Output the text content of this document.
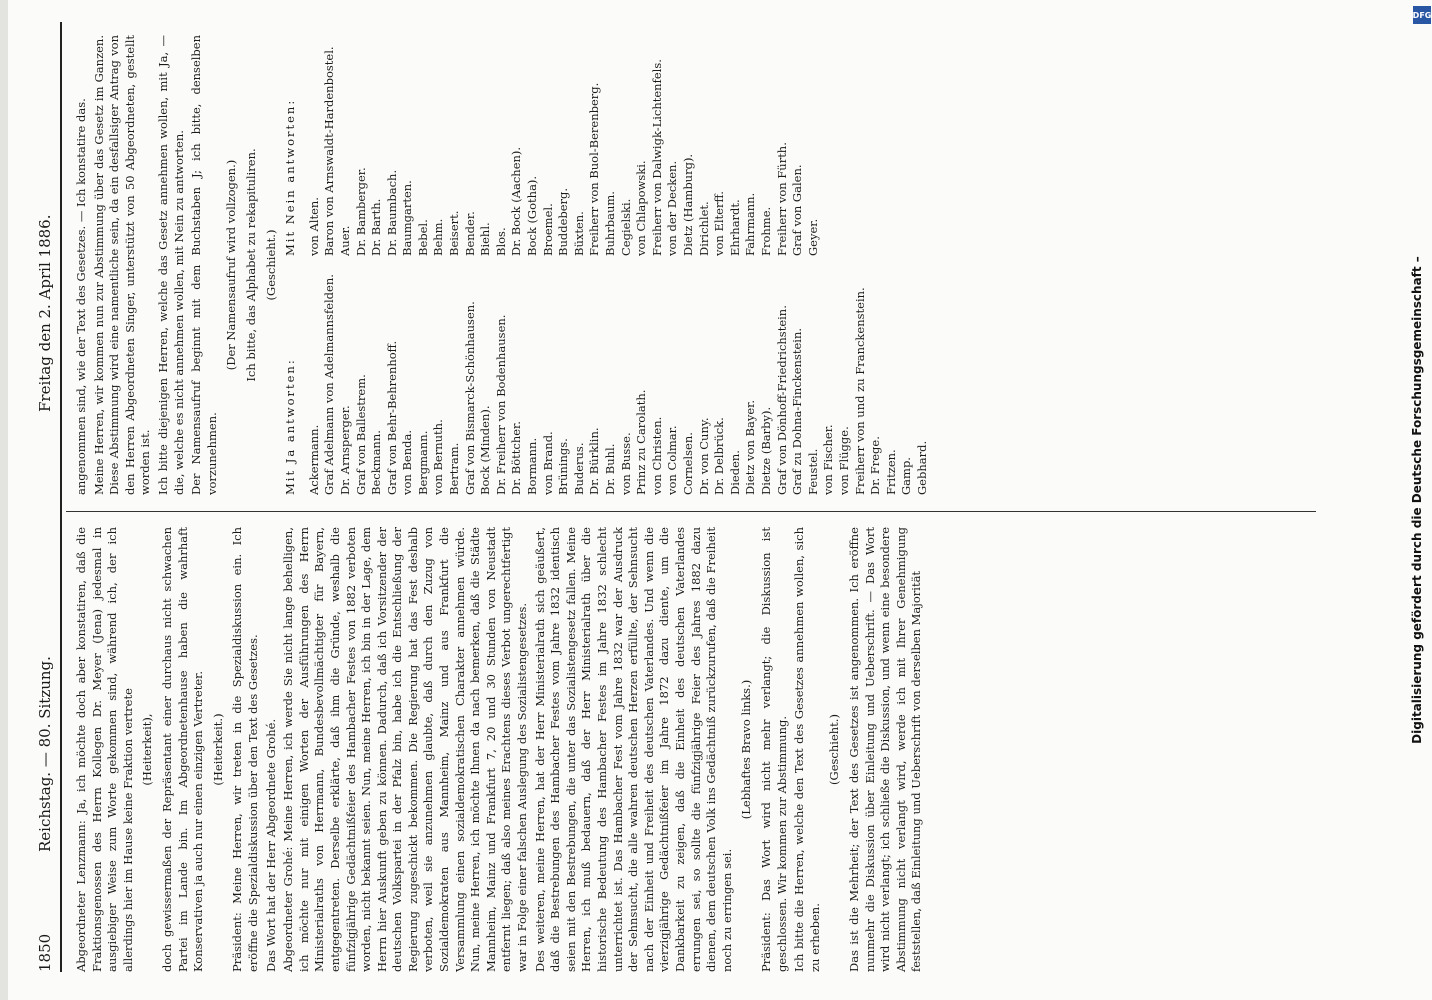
1850
Reichstag. — 80. Sitzung.
Freitag den 2. April 1886.

Abgeordneter Lenzmann: Ja, ich möchte doch aber konstatiren, daß die Fraktionsgenossen des Herrn Kollegen Dr. Meyer (Jena) jedesmal in ausgiebiger Weise zum Worte gekommen sind, während ich, der ich allerdings hier im Hause keine Fraktion vertrete (Heiterkeit), doch gewissermaßen der Repräsentant einer durchaus nicht schwachen Partei im Lande bin. Im Abgeordnetenhause haben die wahrhaft Konservativen ja auch nur einen einzigen Vertreter. (Heiterkeit.) Präsident: Meine Herren, wir treten in die Spezialdiskussion ein. Ich eröffne die Spezialdiskussion über den Text des Gesetzes. Das Wort hat der Herr Abgeordnete Grohé. Abgeordneter Grohé: Meine Herren, ich werde Sie nicht lange behelligen, ich möchte nur mit einigen Worten der Ausführungen des Herrn Ministerialraths von Herrmann, Bundesbevollmächtigter für Bayern, entgegentreten. Derselbe erklärte, daß ihm die Gründe, weshalb die fünfzigjährige Gedächtnißfeier des Hambacher Festes von 1882 verboten worden, nicht bekannt seien. Nun, meine Herren, ich bin in der Lage, dem Herrn hier Auskunft geben zu können. Dadurch, daß ich Vorsitzender der deutschen Volkspartei in der Pfalz bin, habe ich die Entschließung der Regierung zugeschickt bekommen. Die Regierung hat das Fest deshalb verboten, weil sie anzunehmen glaubte, daß durch den Zuzug von Sozialdemokraten aus Mannheim, Mainz und aus Frankfurt die Versammlung einen sozialdemokratischen Charakter annehmen würde. Nun, meine Herren, ich möchte Ihnen da nach bemerken, daß die Städte Mannheim, Mainz und Frankfurt 7, 20 und 30 Stunden von Neustadt entfernt liegen; daß also meines Erachtens dieses Verbot ungerechtfertigt war in Folge einer falschen Auslegung des Sozialistengesetzes. Des weiteren, meine Herren, hat der Herr Ministerialrath sich geäußert, daß die Bestrebungen des Hambacher Festes vom Jahre 1832 identisch seien mit den Bestrebungen, die unter das Sozialistengesetz fallen. Meine Herren, ich muß bedauern, daß der Herr Ministerialrath über die historische Bedeutung des Hambacher Festes im Jahre 1832 schlecht unterrichtet ist. Das Hambacher Fest vom Jahre 1832 war der Ausdruck der Sehnsucht, die alle wahren deutschen Herzen erfüllte, der Sehnsucht nach der Einheit und Freiheit des deutschen Vaterlandes. Und wenn die vierzigjährige Gedächtnißfeier im Jahre 1872 dazu diente, um die Dankbarkeit zu zeigen, daß die Einheit des deutschen Vaterlandes errungen sei, so sollte die fünfzigjährige Feier des Jahres 1882 dazu dienen, dem deutschen Volk ins Gedächtniß zurückzurufen, daß die Freiheit noch zu erringen sei.

(Lebhaftes Bravo links.) Präsident: Das Wort wird nicht mehr verlangt; die Diskussion ist geschlossen. Wir kommen zur Abstimmung. Ich bitte die Herren, welche den Text des Gesetzes annehmen wollen, sich zu erheben.

(Geschieht.) Das ist die Mehrheit; der Text des Gesetzes ist angenommen. Ich eröffne nunmehr die Diskussion über Einleitung und Ueberschrift. — Das Wort wird nicht verlangt; ich schließe die Diskussion, und wenn eine besondere Abstimmung nicht verlangt wird, werde ich mit Ihrer Genehmigung feststellen, daß Einleitung und Ueberschrift von derselben Majorität

angenommen sind, wie der Text des Gesetzes. — Ich konstatire das. Meine Herren, wir kommen nun zur Abstimmung über das Gesetz im Ganzen. Diese Abstimmung wird eine namentliche sein, da ein desfallsiger Antrag von den Herren Abgeordneten Singer, unterstützt von 50 Abgeordneten, gestellt worden ist. Ich bitte diejenigen Herren, welche das Gesetz annehmen wollen, mit Ja, — die, welche es nicht annehmen wollen, mit Nein zu antworten. Der Namensaufruf beginnt mit dem Buchstaben J; ich bitte, denselben vorzunehmen.

(Der Namensaufruf wird vollzogen.) Ich bitte, das Alphabet zu rekapituliren. (Geschieht.)

Mit Ja antworten:
Mit Nein antworten:
Ackermann. Graf Adelmann von Adelmannsfelden. Dr. Arnsperger. Graf von Ballestrem. Beckmann. Graf von Behr-Behrenhoff. von Benda. Bergmann. von Bernuth. Bertram. Graf von Bismarck-Schönhausen. Bock (Minden). Dr. Freiherr von Bodenhausen. Dr. Böttcher. Bormann. von Brand. Brünings. Buderus. Dr. Bürklin. Dr. Buhl. von Busse. Prinz zu Carolath. von Christen. von Colmar. Cornelsen. Dr. von Cuny. Dr. Delbrück. Dieden. Dietz von Bayer. Dietze (Barby). Graf von Dönhoff-Friedrichstein. Graf zu Dohna-Finckenstein. Feustel. von Fischer. von Flügge. Freiherr von und zu Franckenstein. Dr. Frege. Fritzen. Gamp. Gebhard.
von Alten. Baron von Arnswaldt-Hardenbostel. Auer. Dr. Bamberger. Dr. Barth. Dr. Baumbach. Baumgarten. Bebel. Behm. Beisert. Bender. Biehl. Blos. Dr. Bock (Aachen). Bock (Gotha). Broemel. Buddeberg. Büxten. Freiherr von Buol-Berenberg. Buhrbaum. Cegielski. von Chlapowski. Freiherr von Dalwigk-Lichtenfels. von der Decken. Dietz (Hamburg). Dirichlet. von Elterff. Ehrhardt. Fahrmann. Frohme. Freiherr von Fürth. Graf von Galen. Geyer.
Digitalisierung gefördert durch die Deutsche Forschungsgemeinschaft –
DFG
